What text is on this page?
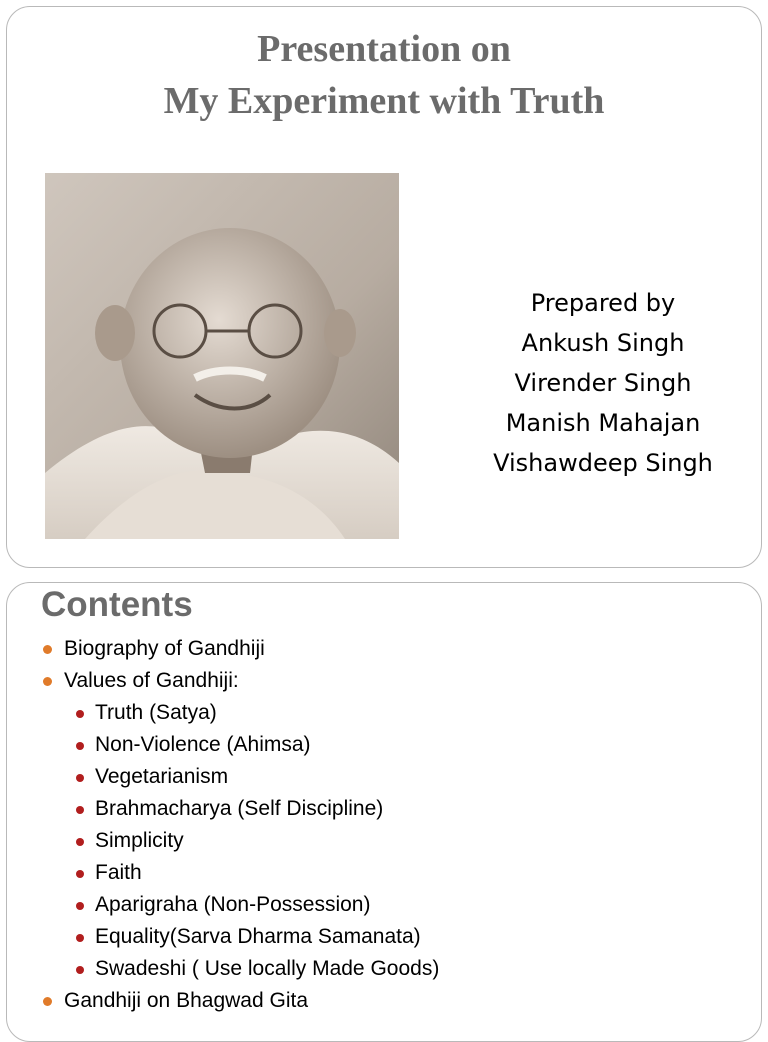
Presentation on
My Experiment with Truth
Prepared by
Ankush Singh
Virender Singh
Manish Mahajan
Vishawdeep Singh
Contents
Biography of Gandhiji
Values of Gandhiji:
Truth (Satya)
Non-Violence (Ahimsa)
Vegetarianism
Brahmacharya (Self Discipline)
Simplicity
Faith
Aparigraha (Non-Possession)
Equality(Sarva Dharma Samanata)
Swadeshi ( Use locally Made Goods)
Gandhiji on Bhagwad Gita
